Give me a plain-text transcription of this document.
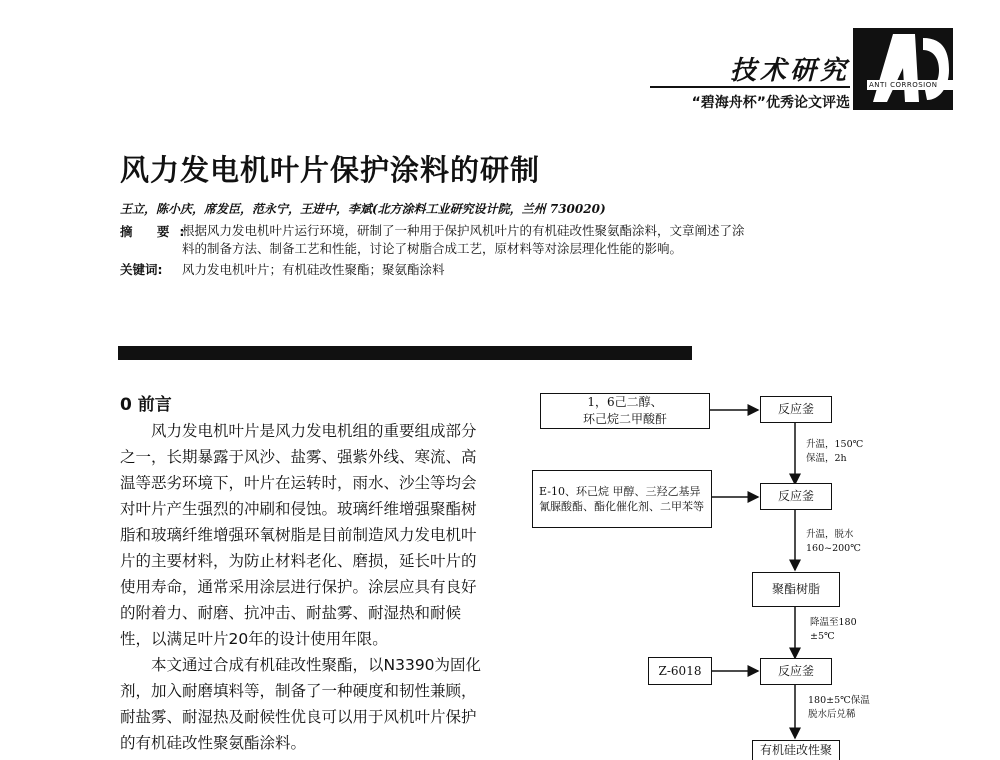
技术研究
“碧海舟杯”优秀论文评选
ANTI CORROSION
风力发电机叶片保护涂料的研制
王立，陈小庆，席发臣，范永宁，王进中，李斌(北方涂料工业研究设计院，兰州 730020)
摘 要:
根据风力发电机叶片运行环境，研制了一种用于保护风机叶片的有机硅改性聚氨酯涂料，文章阐述了涂
料的制备方法、制备工艺和性能，讨论了树脂合成工艺，原材料等对涂层理化性能的影响。
关键词: 风力发电机叶片；有机硅改性聚酯；聚氨酯涂料
0 前言

风力发电机叶片是风力发电机组的重要组成部分之一，长期暴露于风沙、盐雾、强紫外线、寒流、高温等恶劣环境下，叶片在运转时，雨水、沙尘等均会对叶片产生强烈的冲刷和侵蚀。玻璃纤维增强聚酯树脂和玻璃纤维增强环氧树脂是目前制造风力发电机叶片的主要材料，为防止材料老化、磨损，延长叶片的使用寿命，通常采用涂层进行保护。涂层应具有良好的附着力、耐磨、抗冲击、耐盐雾、耐湿热和耐候性，以满足叶片20年的设计使用年限。

本文通过合成有机硅改性聚酯，以N3390为固化剂，加入耐磨填料等，制备了一种硬度和韧性兼顾，耐盐雾、耐湿热及耐候性优良可以用于风机叶片保护的有机硅改性聚氨酯涂料。

1，6己二醇、
环己烷二甲酸酐
反应釜
升温，150℃
保温，2h
E-10、环己烷 甲醇、三羟乙基异氰脲酸酯、酯化催化剂、二甲苯等
反应釜
升温，脱水
160~200℃
聚酯树脂
降温至180
±5℃
Z-6018	反应釜
180±5℃保温
脱水后兑稀
有机硅改性聚
